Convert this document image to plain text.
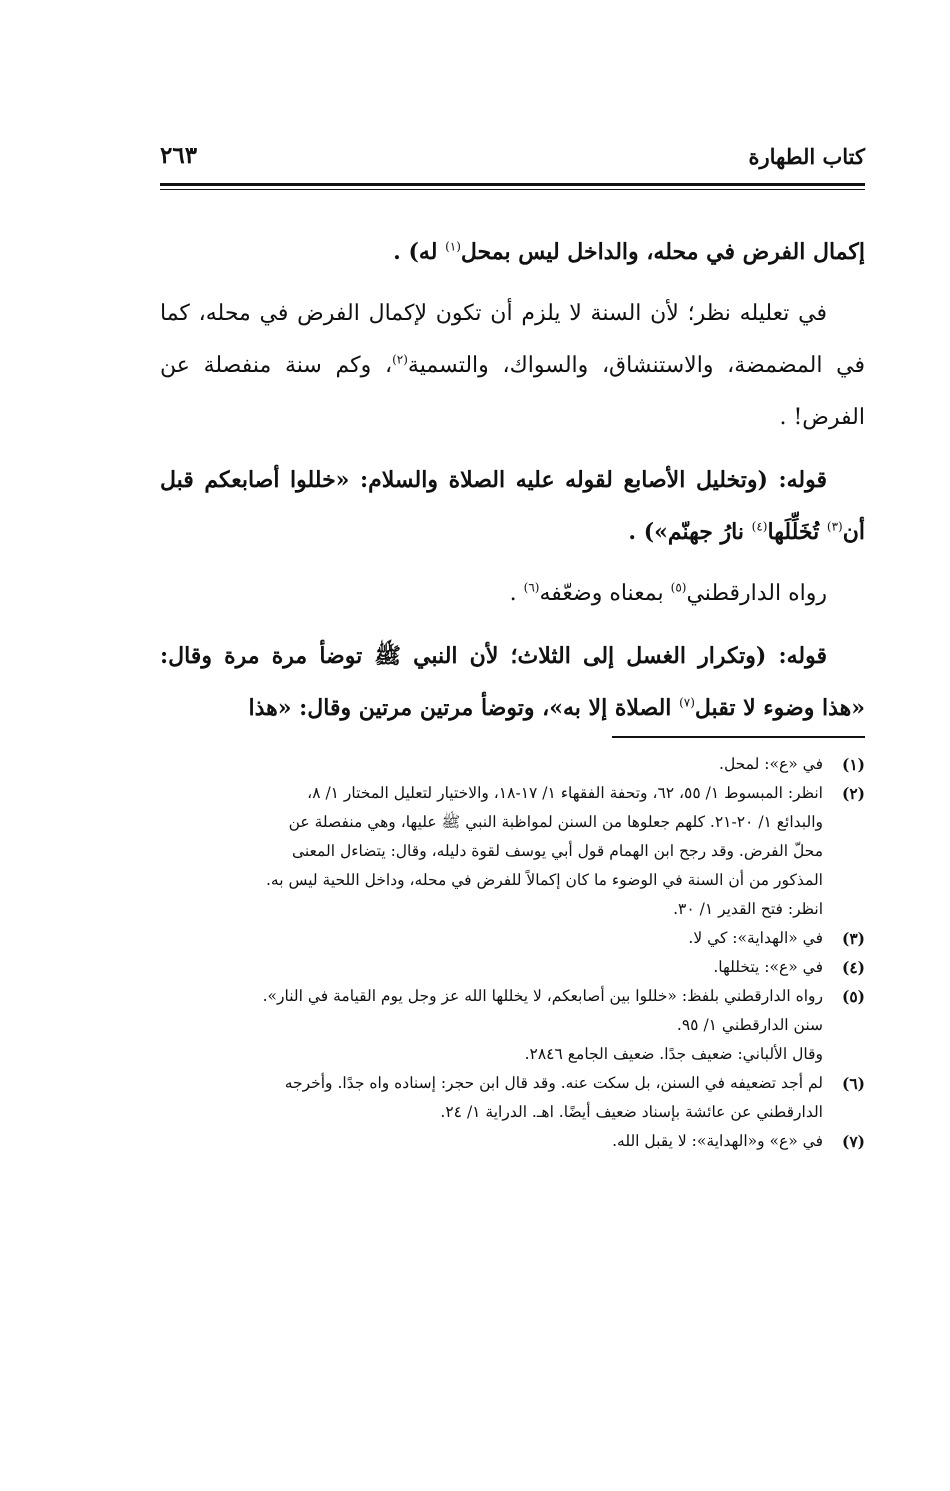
كتاب الطهارة
٢٦٣

إكمال الفرض في محله، والداخل ليس بمحل$^{(١)}$ له) .

في تعليله نظر؛ لأن السنة لا يلزم أن تكون لإكمال الفرض في محله، كما في المضمضة، والاستنشاق، والسواك، والتسمية$^{(٢)}$، وكم سنة منفصلة عن الفرض! .

قوله: (وتخليل الأصابع لقوله عليه الصلاة والسلام: «خللوا أصابعكم قبل أن$^{(٣)}$ تُخَلِّلَها$^{(٤)}$ نارُ جهنّم») .

رواه الدارقطني$^{(٥)}$ بمعناه وضعّفه$^{(٦)}$ .

قوله: (وتكرار الغسل إلى الثلاث؛ لأن النبي ﷺ توضأ مرة مرة وقال: «هذا وضوء لا تقبل$^{(٧)}$ الصلاة إلا به»، وتوضأ مرتين مرتين وقال: «هذا

(١)
في «ع»: لمحل.
(٢)
انظر: المبسوط ١/ ٥٥، ٦٢، وتحفة الفقهاء ١/ ١٧-١٨، والاختيار لتعليل المختار ١/ ٨،
والبدائع ١/ ٢٠-٢١. كلهم جعلوها من السنن لمواظبة النبي ﷺ عليها، وهي منفصلة عن
محلّ الفرض. وقد رجح ابن الهمام قول أبي يوسف لقوة دليله، وقال: يتضاءل المعنى
المذكور من أن السنة في الوضوء ما كان إكمالاً للفرض في محله، وداخل اللحية ليس به.
انظر: فتح القدير ١/ ٣٠.
(٣)
في «الهداية»: كي لا.
(٤)
في «ع»: يتخللها.
(٥)
رواه الدارقطني بلفظ: «خللوا بين أصابعكم، لا يخللها الله عز وجل يوم القيامة في النار».
سنن الدارقطني ١/ ٩٥.
وقال الألباني: ضعيف جدًا. ضعيف الجامع ٢٨٤٦.
(٦)
لم أجد تضعيفه في السنن، بل سكت عنه. وقد قال ابن حجر: إسناده واه جدًا. وأخرجه
الدارقطني عن عائشة بإسناد ضعيف أيضًا. اهـ. الدراية ١/ ٢٤.
(٧)
في «ع» و«الهداية»: لا يقبل الله.
